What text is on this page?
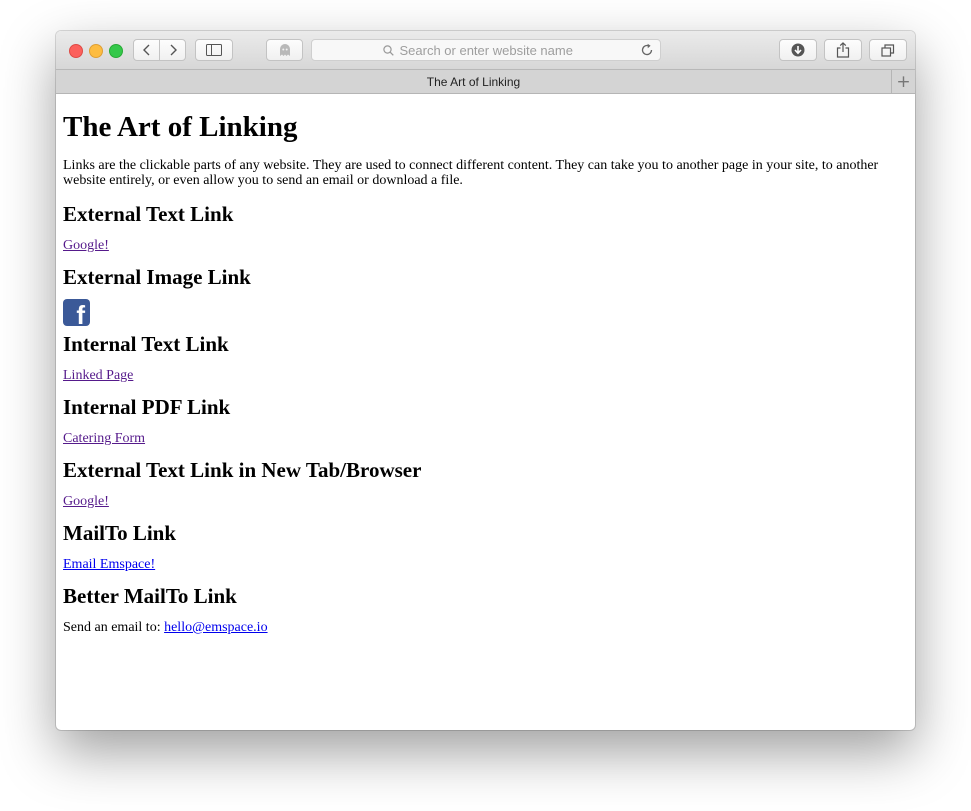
Search or enter website name
The Art of Linking	+
The Art of Linking

Links are the clickable parts of any website. They are used to connect different content. They can take you to another page in your site, to another website entirely, or even allow you to send an email or download a file.

External Text Link

Google!

External Image Link
f
Internal Text Link

Linked Page

Internal PDF Link

Catering Form

External Text Link in New Tab/Browser

Google!

MailTo Link

Email Emspace!

Better MailTo Link

Send an email to: hello@emspace.io
